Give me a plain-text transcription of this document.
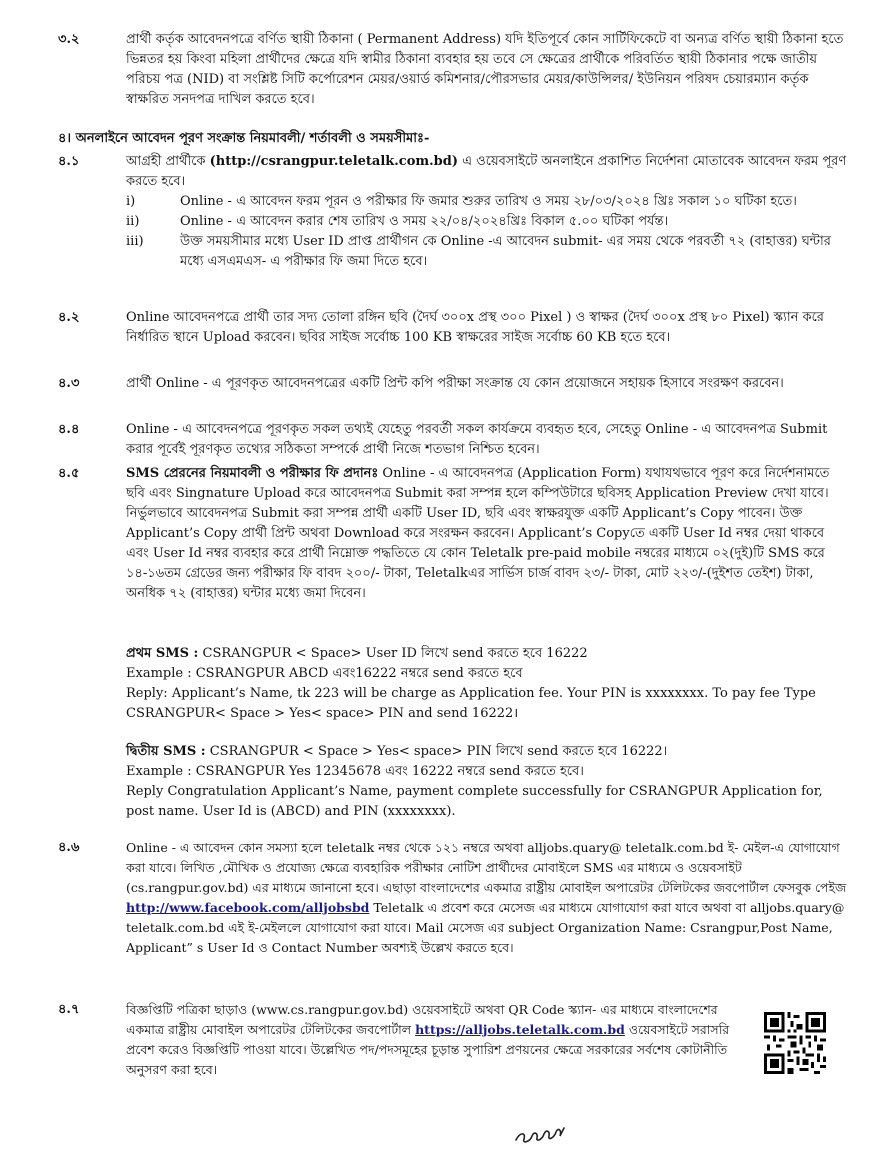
৩.২	প্রার্থী কর্তৃক আবেদনপত্রে বর্ণিত স্থায়ী ঠিকানা ( Permanent Address) যদি ইতিপূর্বে কোন সার্টিফিকেটে বা অন্যত্র বর্ণিত স্থায়ী ঠিকানা হতে ভিন্নতর হয় কিংবা মহিলা প্রার্থীদের ক্ষেত্রে যদি স্বামীর ঠিকানা ব্যবহার হয় তবে সে ক্ষেত্রের প্রার্থীকে পরিবর্তিত স্থায়ী ঠিকানার পক্ষে জাতীয় পরিচয় পত্র (NID) বা সংশ্লিষ্ট সিটি কর্পোরেশন মেয়র/ওয়ার্ড কমিশনার/পৌরসভার মেয়র/কাউন্সিলর/ ইউনিয়ন পরিষদ চেয়ারম্যান কর্তৃক স্বাক্ষরিত সনদপত্র দাখিল করতে হবে।
৪। অনলাইনে আবেদন পূরণ সংক্রান্ত নিয়মাবলী/ শর্তাবলী ও সময়সীমাঃ-
৪.১	আগ্রহী প্রার্থীকে (http://csrangpur.teletalk.com.bd) এ ওয়েবসাইটে অনলাইনে প্রকাশিত নির্দেশনা মোতাবেক আবেদন ফরম পূরণ করতে হবে।
i)	Online - এ আবেদন ফরম পূরন ও পরীক্ষার ফি জমার শুরুর তারিখ ও সময় ২৮/০৩/২০২৪ খ্রিঃ সকাল ১০ ঘটিকা হতে।
ii)	Online - এ আবেদন করার শেষ তারিখ ও সময় ২২/০৪/২০২৪খ্রিঃ বিকাল ৫.০০ ঘটিকা পর্যন্ত।
iii)	উক্ত সময়সীমার মধ্যে User ID প্রাপ্ত প্রার্থীগন কে Online -এ আবেদন submit- এর সময় থেকে পরবর্তী ৭২ (বাহাত্তর) ঘন্টার মধ্যে এসএমএস- এ পরীক্ষার ফি জমা দিতে হবে।
৪.২	Online আবেদনপত্রে প্রার্থী তার সদ্য তোলা রঙ্গিন ছবি (দৈর্ঘ ৩০০x প্রস্থ ৩০০ Pixel ) ও স্বাক্ষর (দৈর্ঘ ৩০০x প্রস্থ ৮০ Pixel) স্ক্যান করে নির্ধারিত স্থানে Upload করবেন। ছবির সাইজ সর্বোচ্চ 100 KB স্বাক্ষরের সাইজ সর্বোচ্চ 60 KB হতে হবে।
৪.৩	প্রার্থী Online - এ পূরণকৃত আবেদনপত্রের একটি প্রিন্ট কপি পরীক্ষা সংক্রান্ত যে কোন প্রয়োজনে সহায়ক হিসাবে সংরক্ষণ করবেন।
৪.৪	Online - এ আবেদনপত্রে পূরণকৃত সকল তথ্যই যেহেতু পরবর্তী সকল কার্যক্রমে ব্যবহৃত হবে, সেহেতু Online - এ আবেদনপত্র Submit করার পূর্বেই পূরণকৃত তথ্যের সঠিকতা সম্পর্কে প্রার্থী নিজে শতভাগ নিশ্চিত হবেন।
৪.৫	SMS প্রেরনের নিয়মাবলী ও পরীক্ষার ফি প্রদানঃ Online - এ আবেদনপত্র (Application Form) যথাযথভাবে পূরণ করে নির্দেশনামতে ছবি এবং Singnature Upload করে আবেদনপত্র Submit করা সম্পন্ন হলে কম্পিউটারে ছবিসহ Application Preview দেখা যাবে। নির্ভুলভাবে আবেদনপত্র Submit করা সম্পন্ন প্রার্থী একটি User ID, ছবি এবং স্বাক্ষরযুক্ত একটি Applicant’s Copy পাবেন। উক্ত Applicant’s Copy প্রার্থী প্রিন্ট অথবা Download করে সংরক্ষন করবেন। Applicant’s Copyতে একটি User Id নম্বর দেয়া থাকবে এবং User Id নম্বর ব্যবহার করে প্রার্থী নিম্নোক্ত পদ্ধতিতে যে কোন Teletalk pre-paid mobile নম্বরের মাধ্যমে ০২(দুই)টি SMS করে ১৪-১৬তম গ্রেডের জন্য পরীক্ষার ফি বাবদ ২০০/- টাকা, Teletalkএর সার্ভিস চার্জ বাবদ ২৩/- টাকা, মোট ২২৩/-(দুইশত তেইশ) টাকা, অনধিক ৭২ (বাহাত্তর) ঘন্টার মধ্যে জমা দিবেন।
প্রথম SMS : CSRANGPUR < Space> User ID লিখে send করতে হবে 16222
Example : CSRANGPUR ABCD এবং16222 নম্বরে send করতে হবে
Reply: Applicant’s Name, tk 223 will be charge as Application fee. Your PIN is xxxxxxxx. To pay fee Type CSRANGPUR< Space > Yes< space> PIN and send 16222।
দ্বিতীয় SMS : CSRANGPUR < Space > Yes< space> PIN লিখে send করতে হবে 16222।
Example : CSRANGPUR Yes 12345678 এবং 16222 নম্বরে send করতে হবে।
Reply Congratulation Applicant’s Name, payment complete successfully for CSRANGPUR Application for, post name. User Id is (ABCD) and PIN (xxxxxxxx).
৪.৬	Online - এ আবেদন কোন সমস্যা হলে teletalk নম্বর থেকে ১২১ নম্বরে অথবা alljobs.quary@ teletalk.com.bd ই- মেইল-এ যোগাযোগ করা যাবে। লিখিত ,মৌখিক ও প্রযোজ্য ক্ষেত্রে ব্যবহারিক পরীক্ষার নোটিশ প্রার্থীদের মোবাইলে SMS এর মাধ্যমে ও ওয়েবসাইট (cs.rangpur.gov.bd) এর মাধ্যমে জানানো হবে। এছাড়া বাংলাদেশের একমাত্র রাষ্ট্রীয় মোবাইল অপারেটর টেলিটকের জবপোর্টাল ফেসবুক পেইজ http://www.facebook.com/alljobsbd Teletalk এ প্রবেশ করে মেসেজ এর মাধ্যমে যোগাযোগ করা যাবে অথবা বা alljobs.quary@ teletalk.com.bd এই ই-মেইললে যোগাযোগ করা যাবে। Mail মেসেজ এর subject Organization Name: Csrangpur,Post Name, Applicant” s User Id ও Contact Number অবশ্যই উল্লেখ করতে হবে।
৪.৭	বিজ্ঞপ্তিটি পত্রিকা ছাড়াও (www.cs.rangpur.gov.bd) ওয়েবসাইটে অথবা QR Code স্ক্যান- এর মাধ্যমে বাংলাদেশের একমাত্র রাষ্ট্রীয় মোবাইল অপারেটর টেলিটকের জবপোর্টাল https://alljobs.teletalk.com.bd ওয়েবসাইটে সরাসরি প্রবেশ করেও বিজ্ঞপ্তিটি পাওয়া যাবে। উল্লেখিত পদ/পদসমূহের চূড়ান্ত সুপারিশ প্রণয়নের ক্ষেত্রে সরকারের সর্বশেষ কোটানীতি অনুসরণ করা হবে।
